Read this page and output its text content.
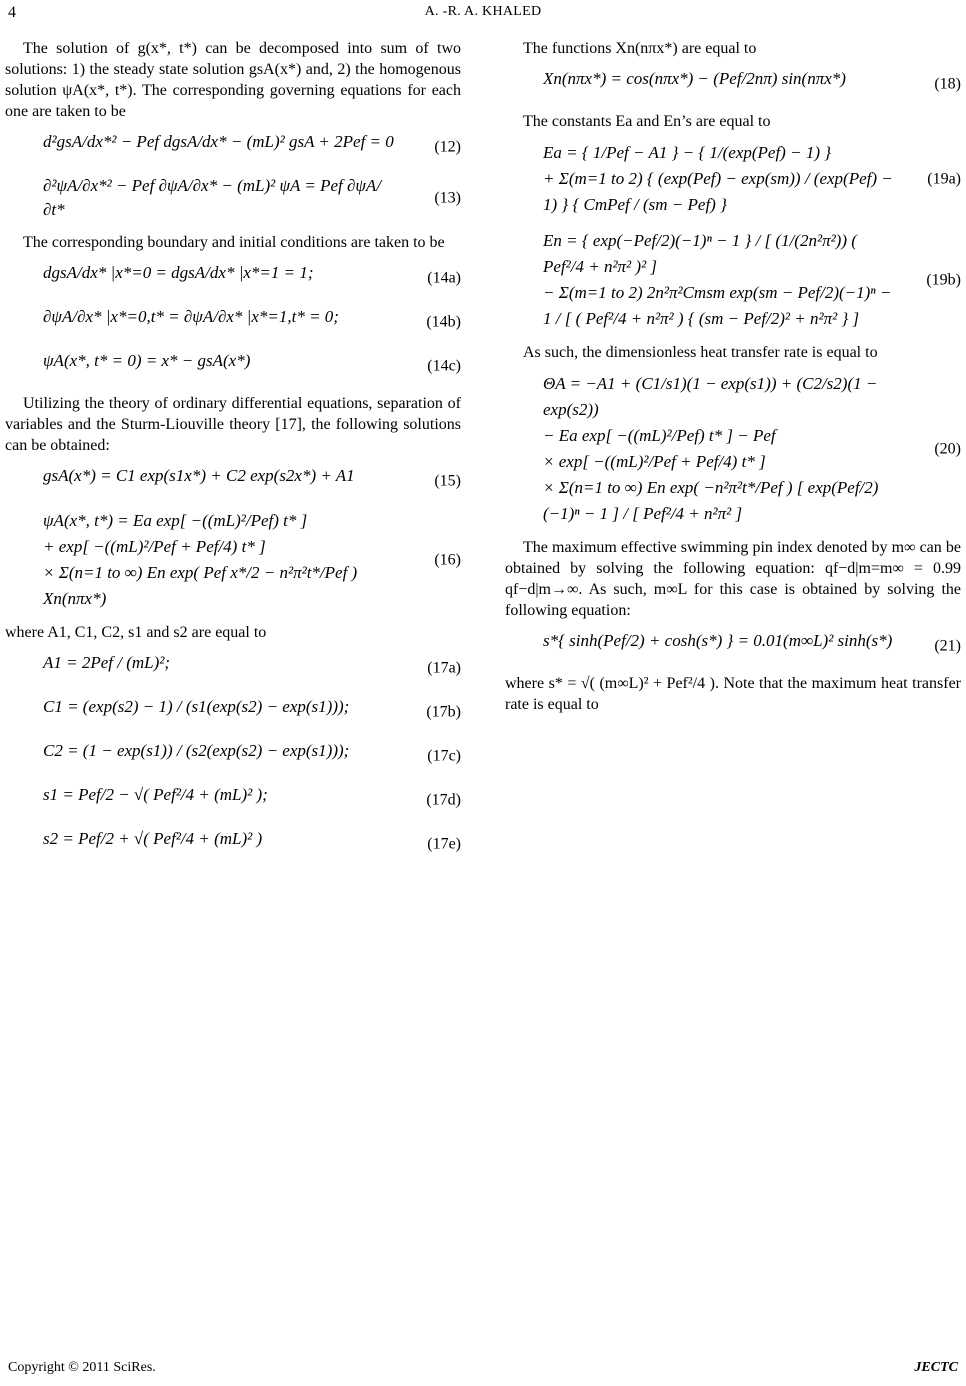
4	A. -R. A. KHALED

The solution of g(x*, t*) can be decomposed into sum of two solutions: 1) the steady state solution gsA(x*) and, 2) the homogenous solution ψA(x*, t*). The corresponding governing equations for each one are taken to be

d²gsA/dx*² − Pef dgsA/dx* − (mL)² gsA + 2Pef = 0	(12)
∂²ψA/∂x*² − Pef ∂ψA/∂x* − (mL)² ψA = Pef ∂ψA/∂t*
(13)

The corresponding boundary and initial conditions are taken to be

dgsA/dx* |x*=0 = dgsA/dx* |x*=1 = 1;	(14a)
∂ψA/∂x* |x*=0,t* = ∂ψA/∂x* |x*=1,t* = 0;	(14b)
ψA(x*, t* = 0) = x* − gsA(x*)	(14c)

Utilizing the theory of ordinary differential equations, separation of variables and the Sturm-Liouville theory [17], the following solutions can be obtained:

gsA(x*) = C1 exp(s1x*) + C2 exp(s2x*) + A1	(15)
ψA(x*, t*) = Ea exp[ −((mL)²/Pef) t* ]
+ exp[ −((mL)²/Pef + Pef/4) t* ]
× Σ(n=1 to ∞) En exp( Pef x*/2 − n²π²t*/Pef ) Xn(nπx*)
(16)

where A1, C1, C2, s1 and s2 are equal to

A1 = 2Pef / (mL)²;	(17a)
C1 = (exp(s2) − 1) / (s1(exp(s2) − exp(s1)));	(17b)
C2 = (1 − exp(s1)) / (s2(exp(s2) − exp(s1)));	(17c)
s1 = Pef/2 − √( Pef²/4 + (mL)² );	(17d)
s2 = Pef/2 + √( Pef²/4 + (mL)² )	(17e)

The functions Xn(nπx*) are equal to

Xn(nπx*) = cos(nπx*) − (Pef/2nπ) sin(nπx*)	(18)

The constants Ea and En’s are equal to

Ea = { 1/Pef − A1 } − { 1/(exp(Pef) − 1) }
+ Σ(m=1 to 2) { (exp(Pef) − exp(sm)) / (exp(Pef) − 1) } { CmPef / (sm − Pef) }
(19a)
En = { exp(−Pef/2)(−1)ⁿ − 1 } / [ (1/(2n²π²)) ( Pef²/4 + n²π² )² ]
− Σ(m=1 to 2) 2n²π²Cmsm exp(sm − Pef/2)(−1)ⁿ − 1 / [ ( Pef²/4 + n²π² ) { (sm − Pef/2)² + n²π² } ]
(19b)

As such, the dimensionless heat transfer rate is equal to

ΘA = −A1 + (C1/s1)(1 − exp(s1)) + (C2/s2)(1 − exp(s2))
− Ea exp[ −((mL)²/Pef) t* ] − Pef
× exp[ −((mL)²/Pef + Pef/4) t* ]
× Σ(n=1 to ∞) En exp( −n²π²t*/Pef ) [ exp(Pef/2)(−1)ⁿ − 1 ] / [ Pef²/4 + n²π² ]
(20)

The maximum effective swimming pin index denoted by m∞ can be obtained by solving the following equation: qf−d|m=m∞ = 0.99 qf−d|m→∞. As such, m∞L for this case is obtained by solving the following equation:

s*{ sinh(Pef/2) + cosh(s*) } = 0.01(m∞L)² sinh(s*)	(21)

where s* = √( (m∞L)² + Pef²/4 ). Note that the maximum heat transfer rate is equal to

Copyright © 2011 SciRes.	JECTC
